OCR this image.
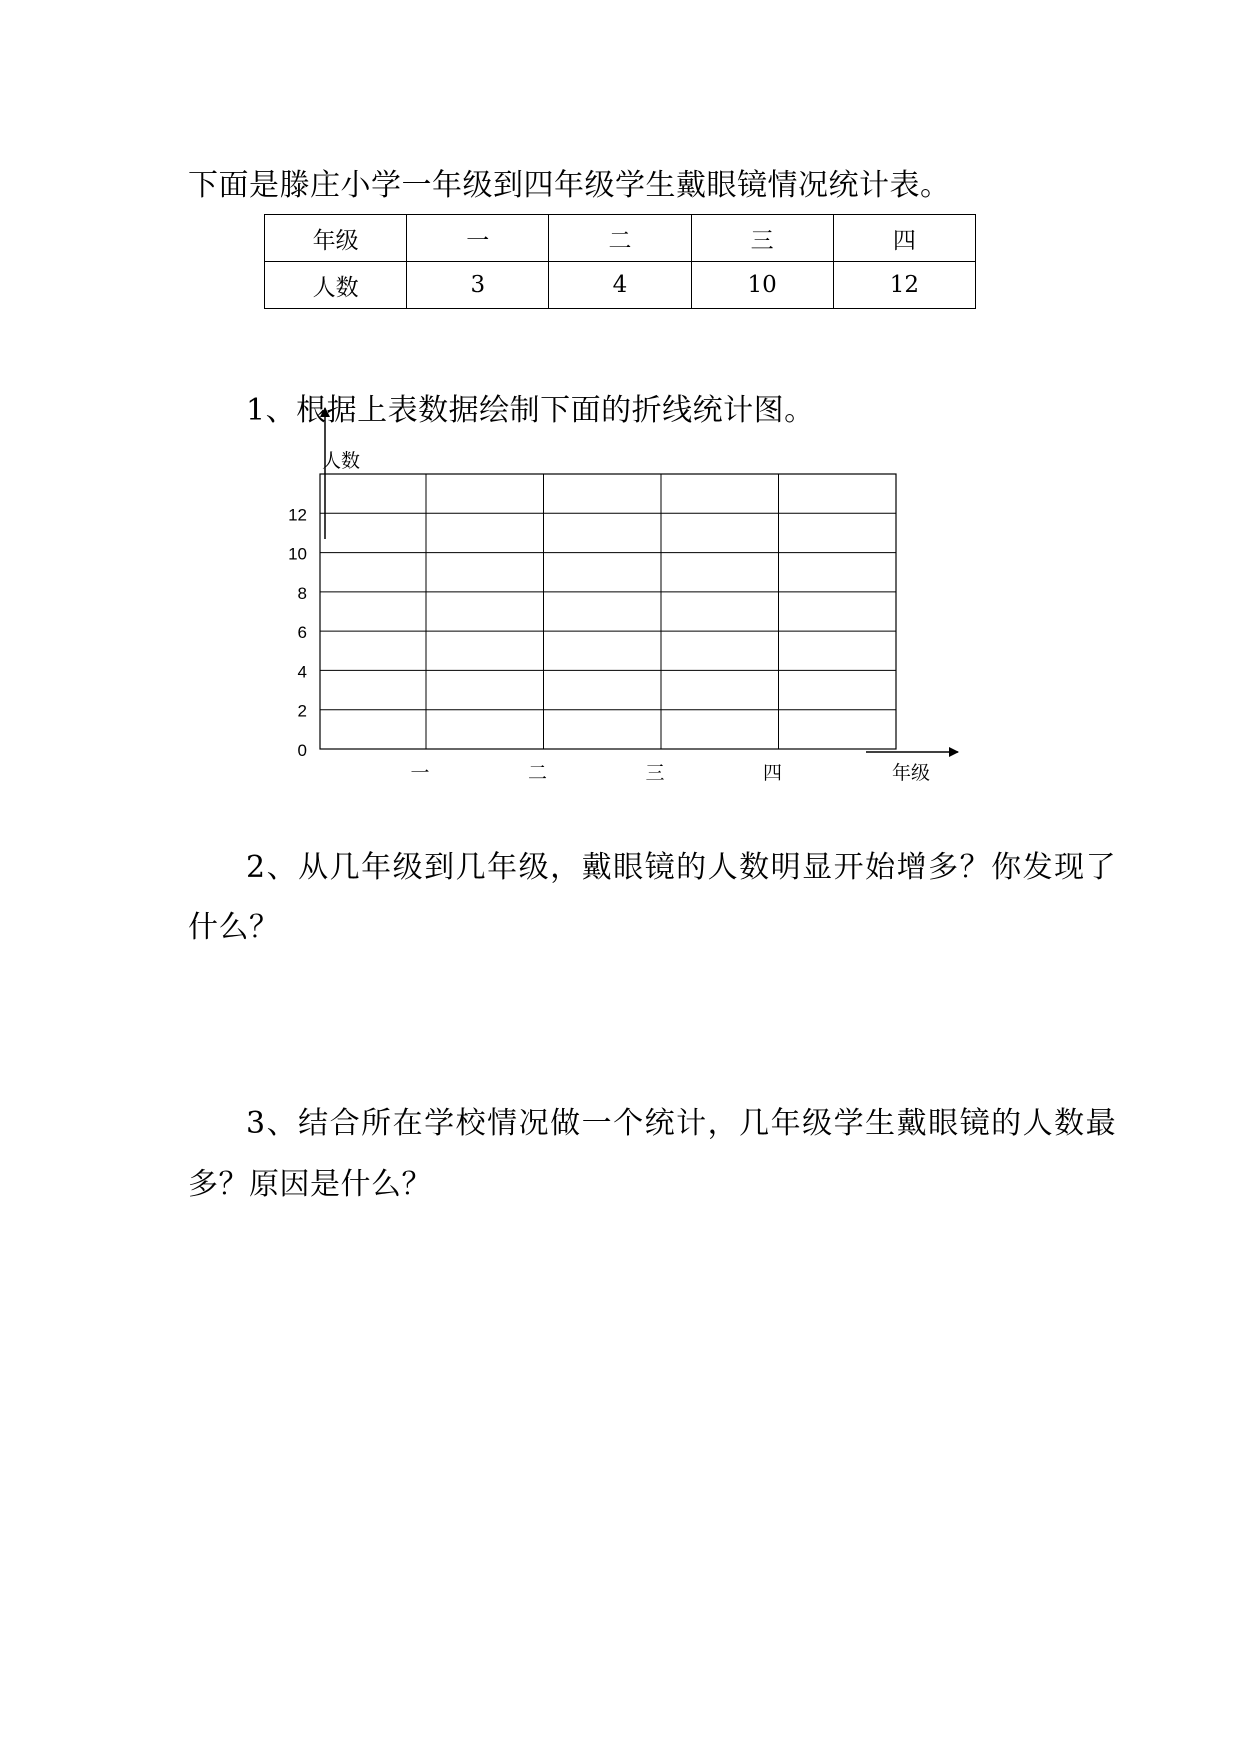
下面是滕庄小学一年级到四年级学生戴眼镜情况统计表。

年级	一	二	三	四
人数	3	4	10	12

1、根据上表数据绘制下面的折线统计图。

人数
年级
0
2
4
6
8
10
12
一	二	三	四

2、从几年级到几年级，戴眼镜的人数明显开始增多？你发现了

什么？

3、结合所在学校情况做一个统计，几年级学生戴眼镜的人数最

多？原因是什么？
